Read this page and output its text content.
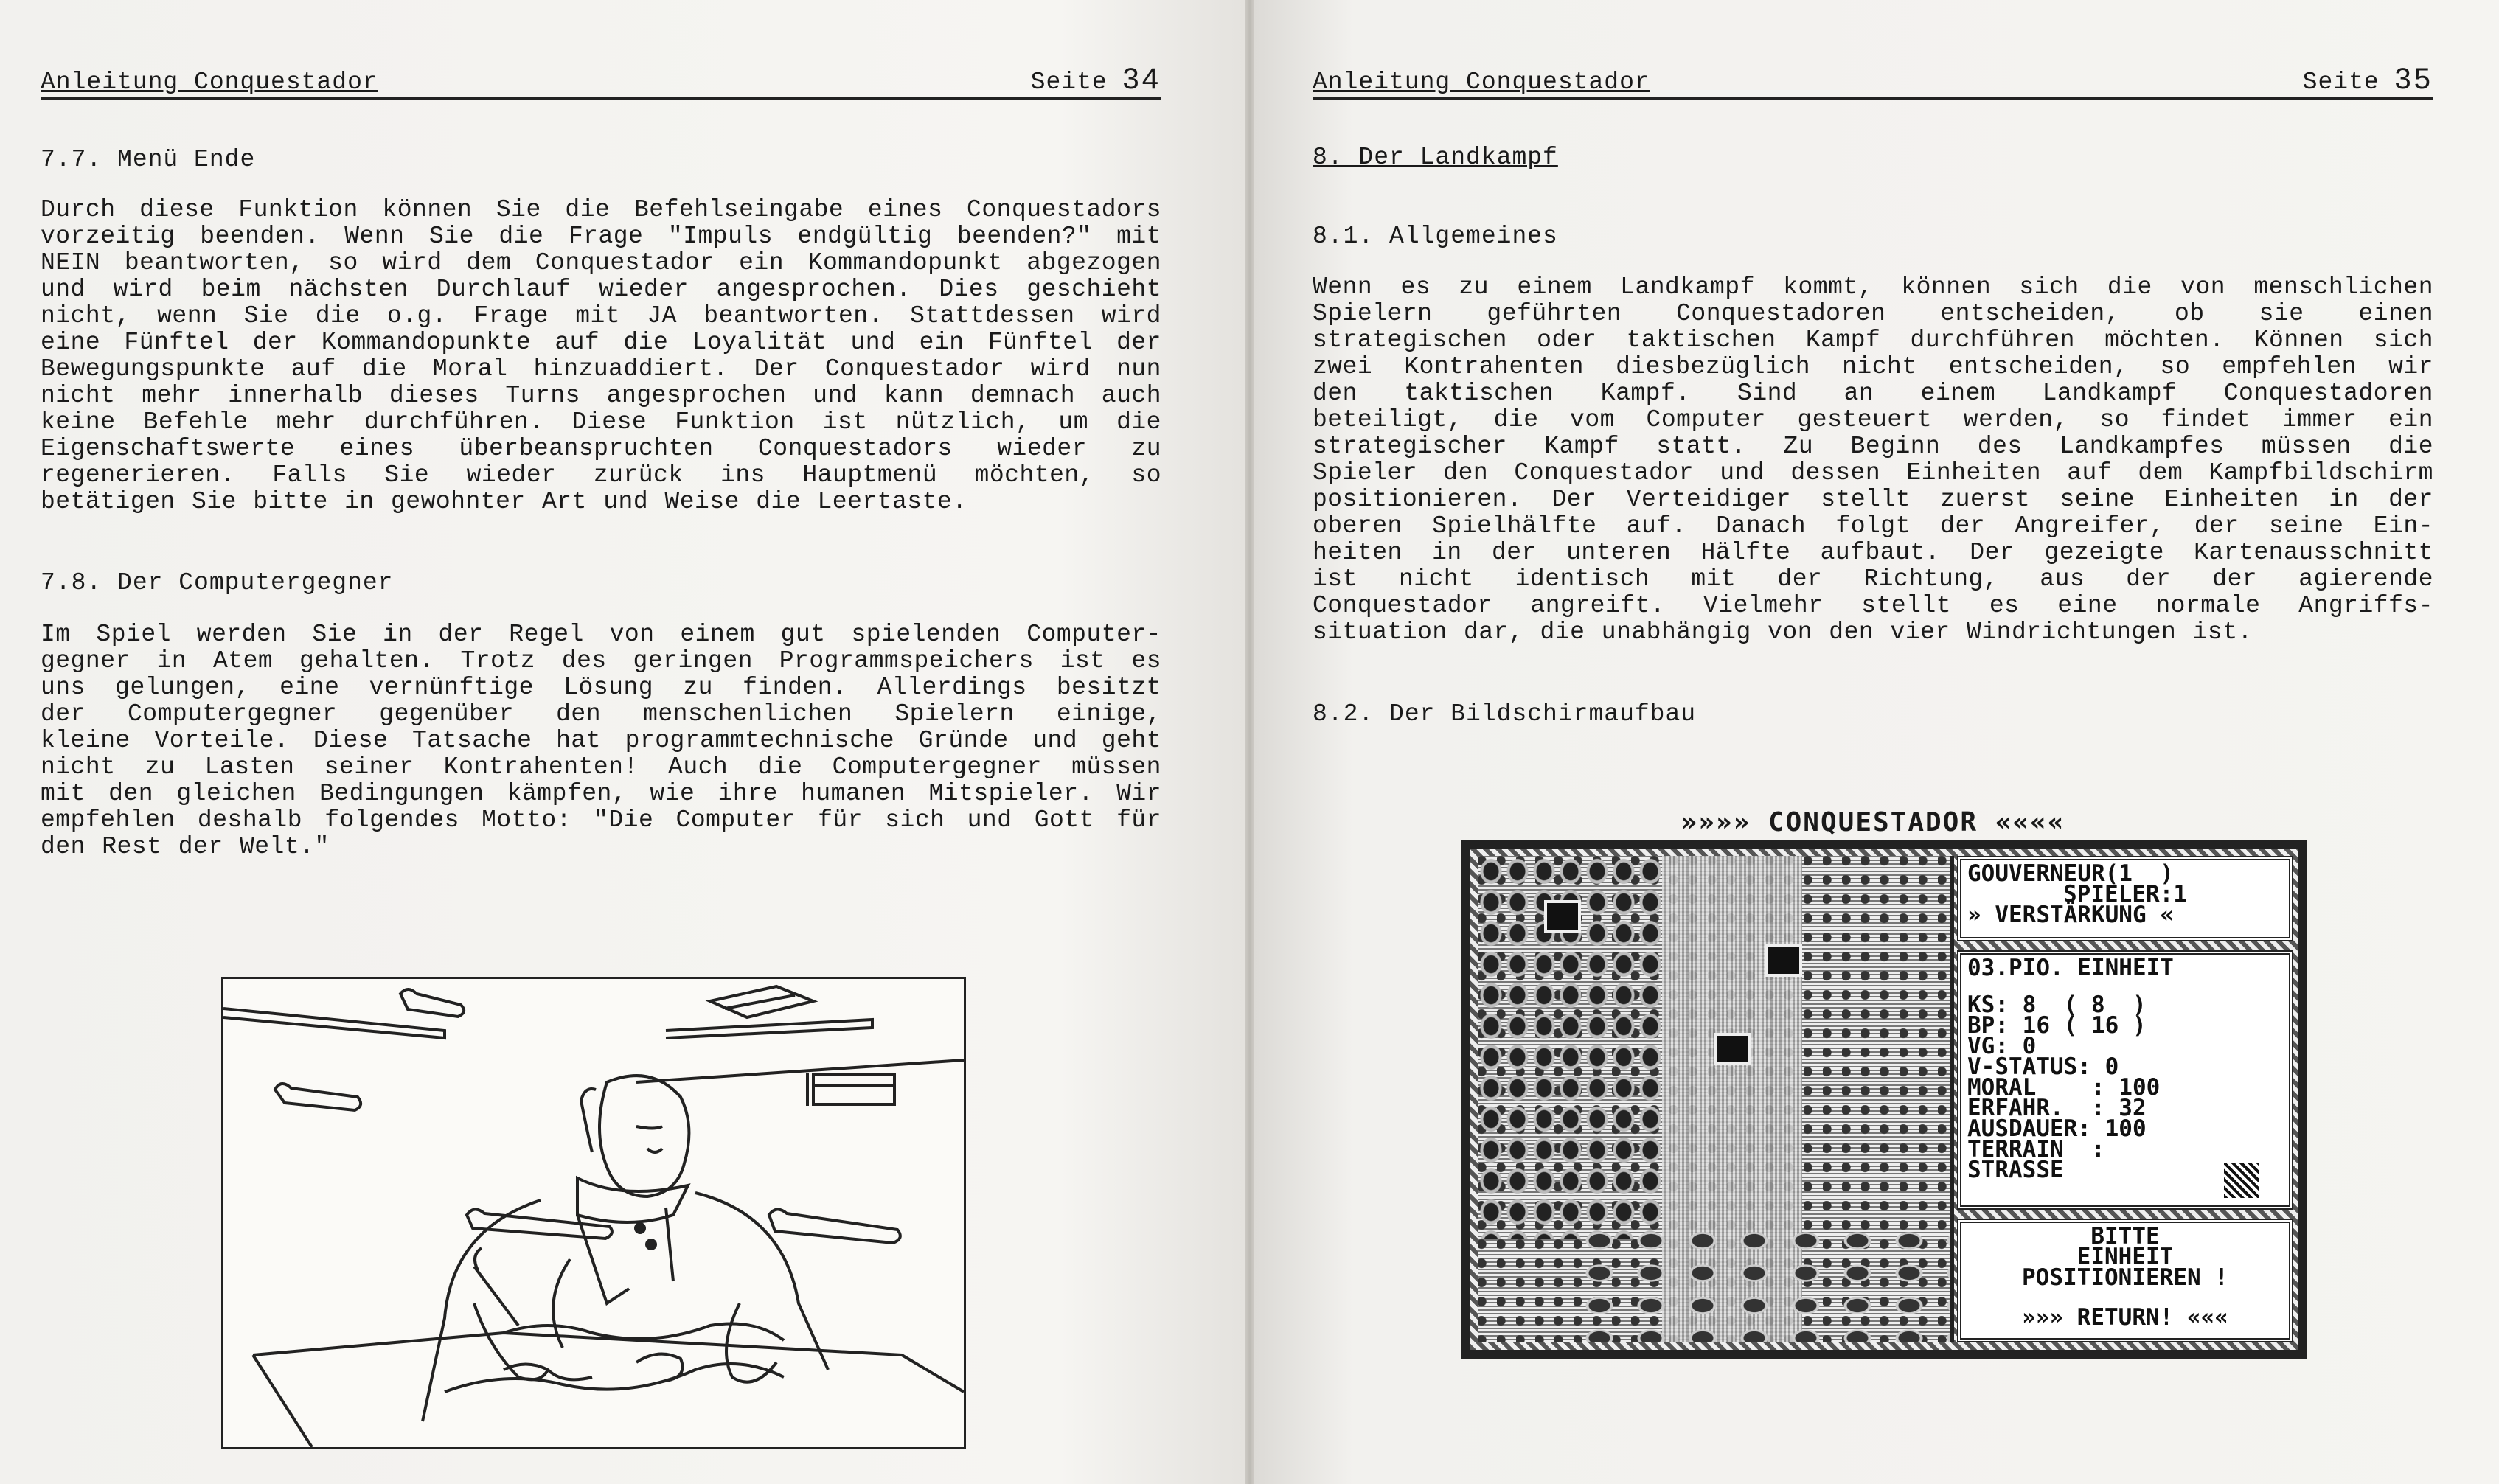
Anleitung Conquestador	Seite 34
7.7. Menü Ende
Durch diese Funktion können Sie die Befehlseingabe eines Conquestadors
vorzeitig beenden. Wenn Sie die Frage "Impuls endgültig beenden?" mit
NEIN beantworten, so wird dem Conquestador ein Kommandopunkt abgezogen
und wird beim nächsten Durchlauf wieder angesprochen. Dies geschieht
nicht, wenn Sie die o.g. Frage mit JA beantworten. Stattdessen wird
eine Fünftel der Kommandopunkte auf die Loyalität und ein Fünftel der
Bewegungspunkte auf die Moral hinzuaddiert. Der Conquestador wird nun
nicht mehr innerhalb dieses Turns angesprochen und kann demnach auch
keine Befehle mehr durchführen. Diese Funktion ist nützlich, um die
Eigenschaftswerte eines überbeanspruchten Conquestadors wieder zu
regenerieren. Falls Sie wieder zurück ins Hauptmenü möchten, so
betätigen Sie bitte in gewohnter Art und Weise die Leertaste.
7.8. Der Computergegner
Im Spiel werden Sie in der Regel von einem gut spielenden Computer-
gegner in Atem gehalten. Trotz des geringen Programmspeichers ist es
uns gelungen, eine vernünftige Lösung zu finden. Allerdings besitzt
der Computergegner gegenüber den menschenlichen Spielern einige,
kleine Vorteile. Diese Tatsache hat programmtechnische Gründe und geht
nicht zu Lasten seiner Kontrahenten! Auch die Computergegner müssen
mit den gleichen Bedingungen kämpfen, wie ihre humanen Mitspieler. Wir
empfehlen deshalb folgendes Motto: "Die Computer für sich und Gott für
den Rest der Welt."
Anleitung Conquestador	Seite 35
8. Der Landkampf
8.1. Allgemeines
Wenn es zu einem Landkampf kommt, können sich die von menschlichen
Spielern geführten Conquestadoren entscheiden, ob sie einen
strategischen oder taktischen Kampf durchführen möchten. Können sich
zwei Kontrahenten diesbezüglich nicht entscheiden, so empfehlen wir
den taktischen Kampf. Sind an einem Landkampf Conquestadoren
beteiligt, die vom Computer gesteuert werden, so findet immer ein
strategischer Kampf statt. Zu Beginn des Landkampfes müssen die
Spieler den Conquestador und dessen Einheiten auf dem Kampfbildschirm
positionieren. Der Verteidiger stellt zuerst seine Einheiten in der
oberen Spielhälfte auf. Danach folgt der Angreifer, der seine Ein-
heiten in der unteren Hälfte aufbaut. Der gezeigte Kartenausschnitt
ist nicht identisch mit der Richtung, aus der der agierende
Conquestador angreift. Vielmehr stellt es eine normale Angriffs-
situation dar, die unabhängig von den vier Windrichtungen ist.
8.2. Der Bildschirmaufbau
»»»» CONQUESTADOR ««««
GOUVERNEUR(1  )
SPIELER:1
» VERSTÄRKUNG «
03.PIO. EINHEIT
KS: 8  ( 8  )
BP: 16 ( 16 )
VG: 0
V-STATUS: 0
MORAL    : 100
ERFAHR.  : 32
AUSDAUER: 100
TERRAIN  :
STRASSE
BITTE
EINHEIT
POSITIONIEREN !
»»» RETURN! «««
